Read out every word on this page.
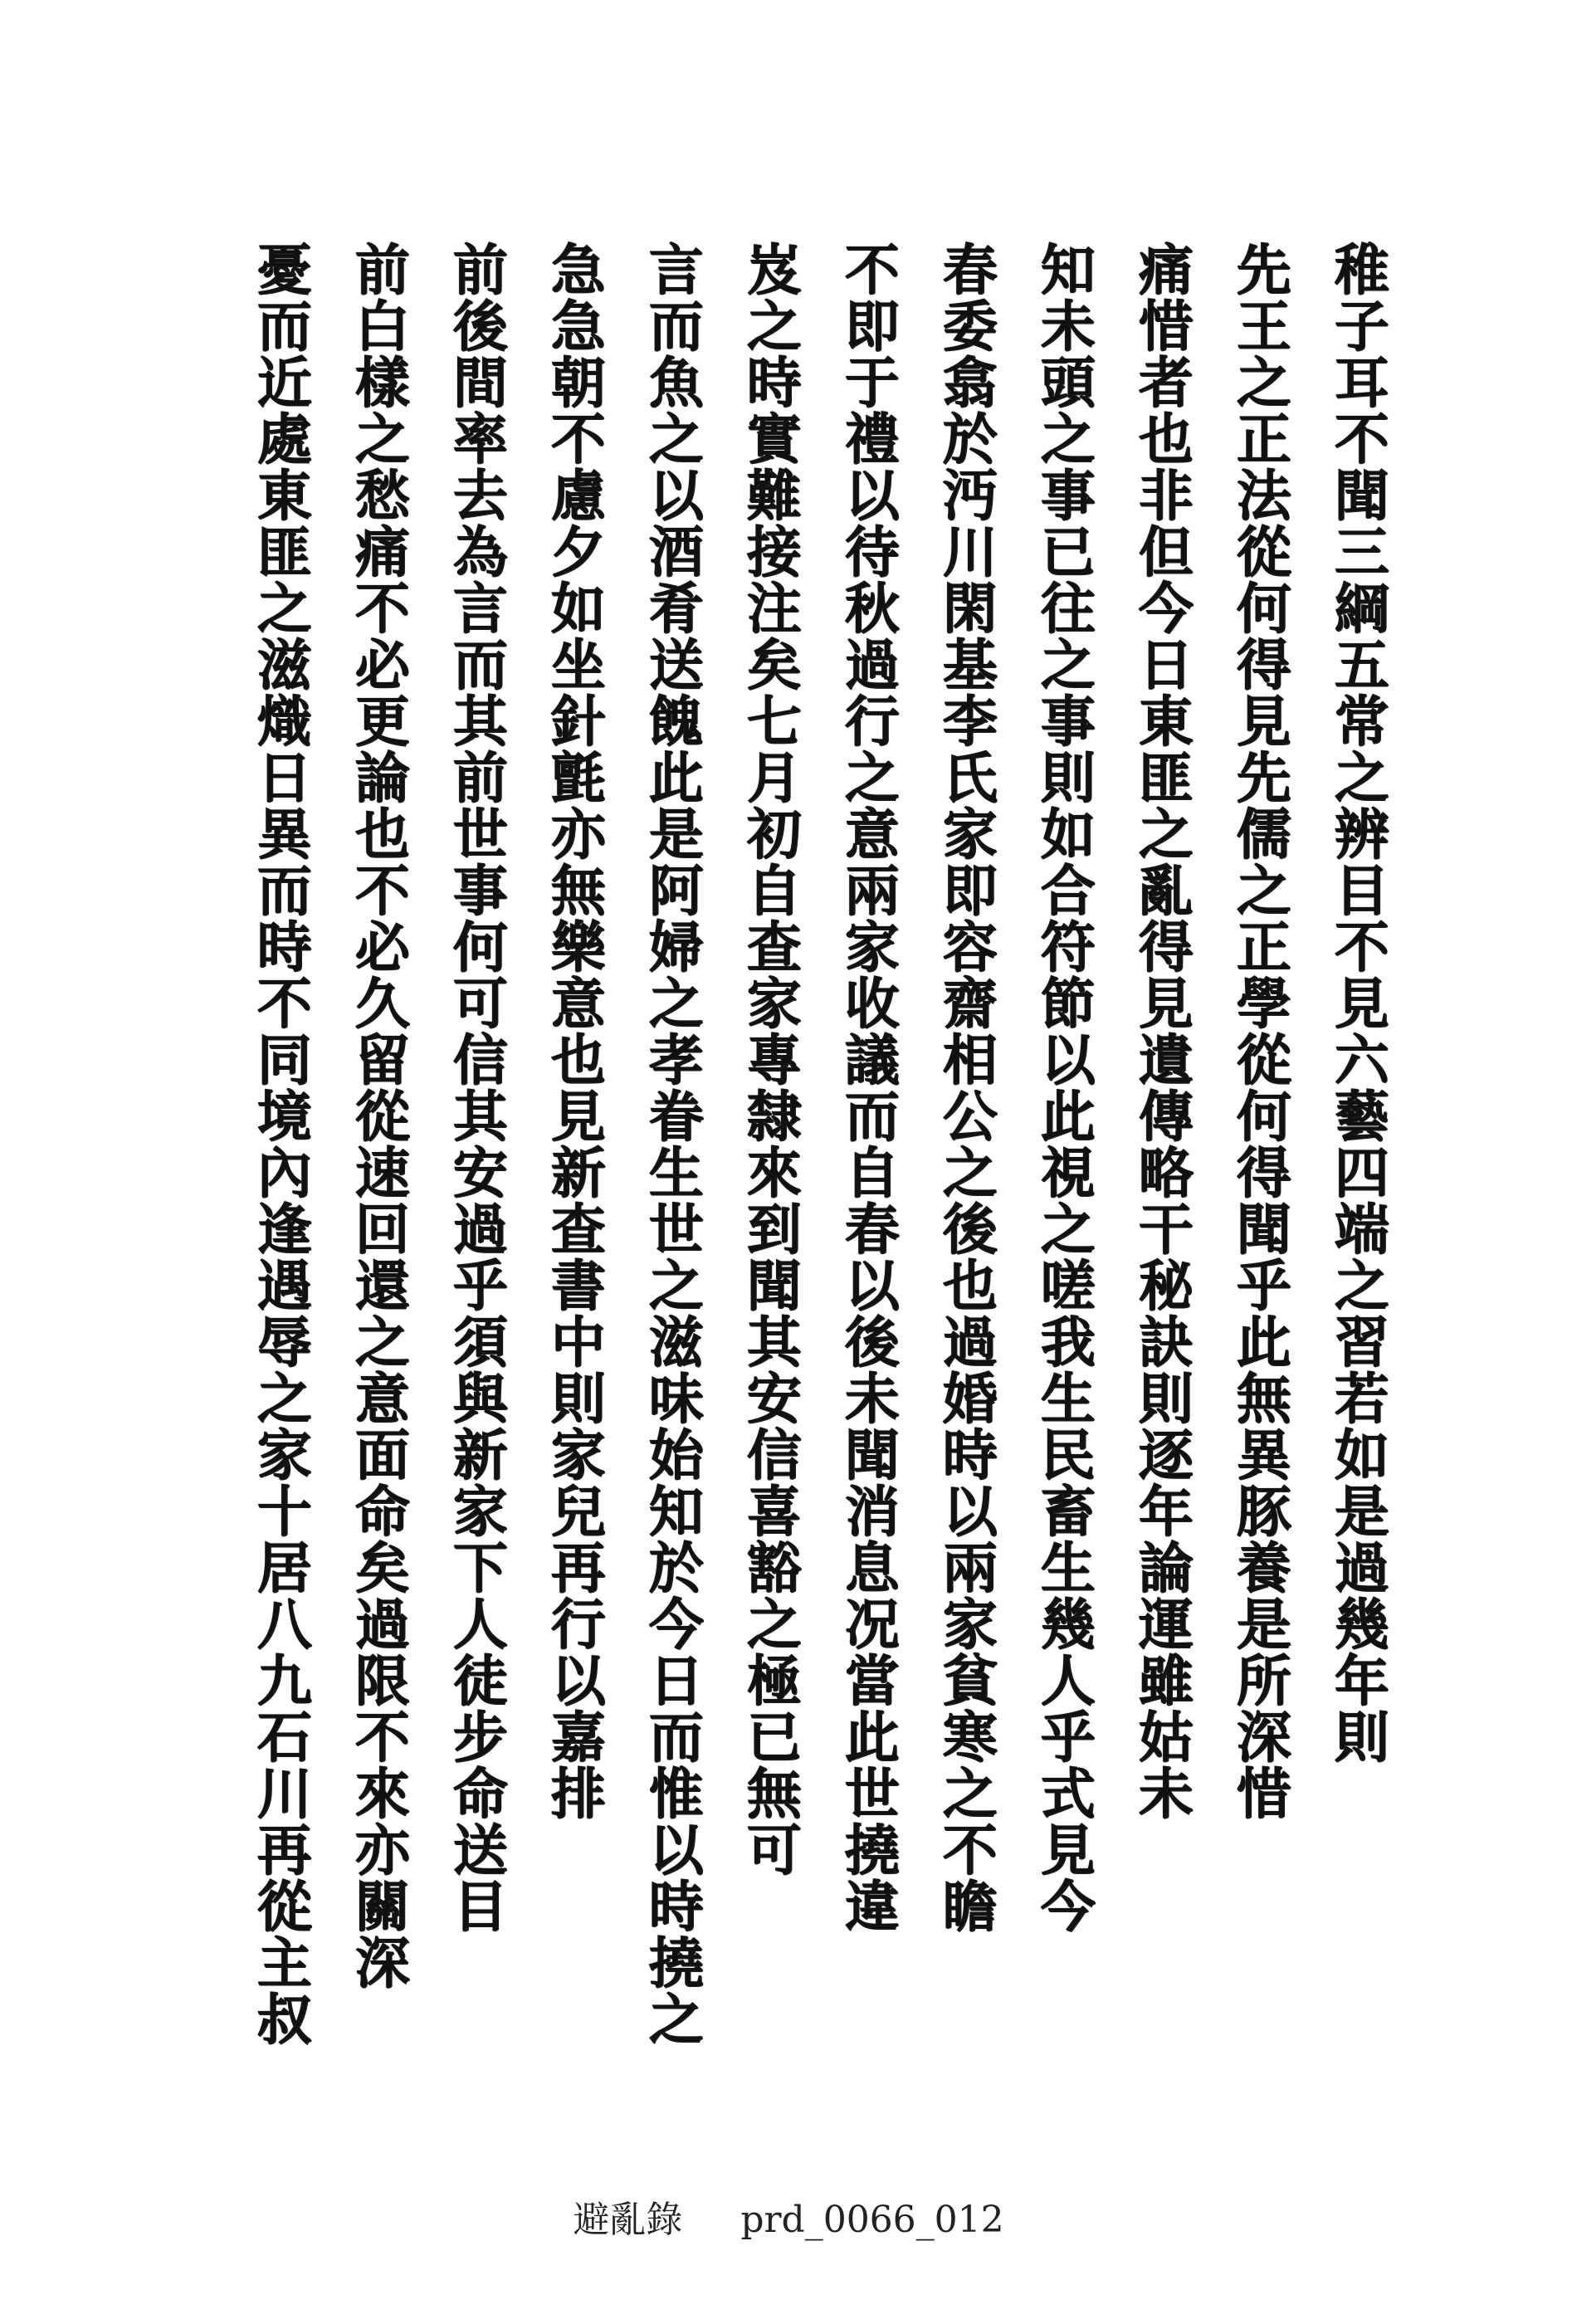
稚子耳不聞三綱五常之辨目不見六藝四端之習若如是過幾年則
先王之正法從何得見先儒之正學從何得聞乎此無異豚養是所深惜
痛惜者也非但今日東匪之亂得見遺傳略干秘訣則逐年論運雖姑未
知未頭之事已往之事則如合符節以此視之嗟我生民畜生幾人乎式見今
春委翕於沔川閑基李氏家即容齋相公之後也過婚時以兩家貧寒之不瞻
不即于禮以待秋過行之意兩家收議而自春以後未聞消息况當此世撓違
岌之時實難接注矣七月初自查家專隸來到聞其安信喜豁之極已無可
言而魚之以酒肴送餽此是阿婦之孝眷生世之滋味始知於今日而惟以時撓之
急急朝不慮夕如坐針氈亦無樂意也見新查書中則家兒再行以嘉排
前後間率去為言而其前世事何可信其安過乎須與新家下人徒步命送目
前白樣之愁痛不必更論也不必久留從速回還之意面命矣過限不來亦關深
憂而近處東匪之滋熾日異而時不同境內逢遇辱之家十居八九石川再從主叔
避亂錄 prd_0066_012
